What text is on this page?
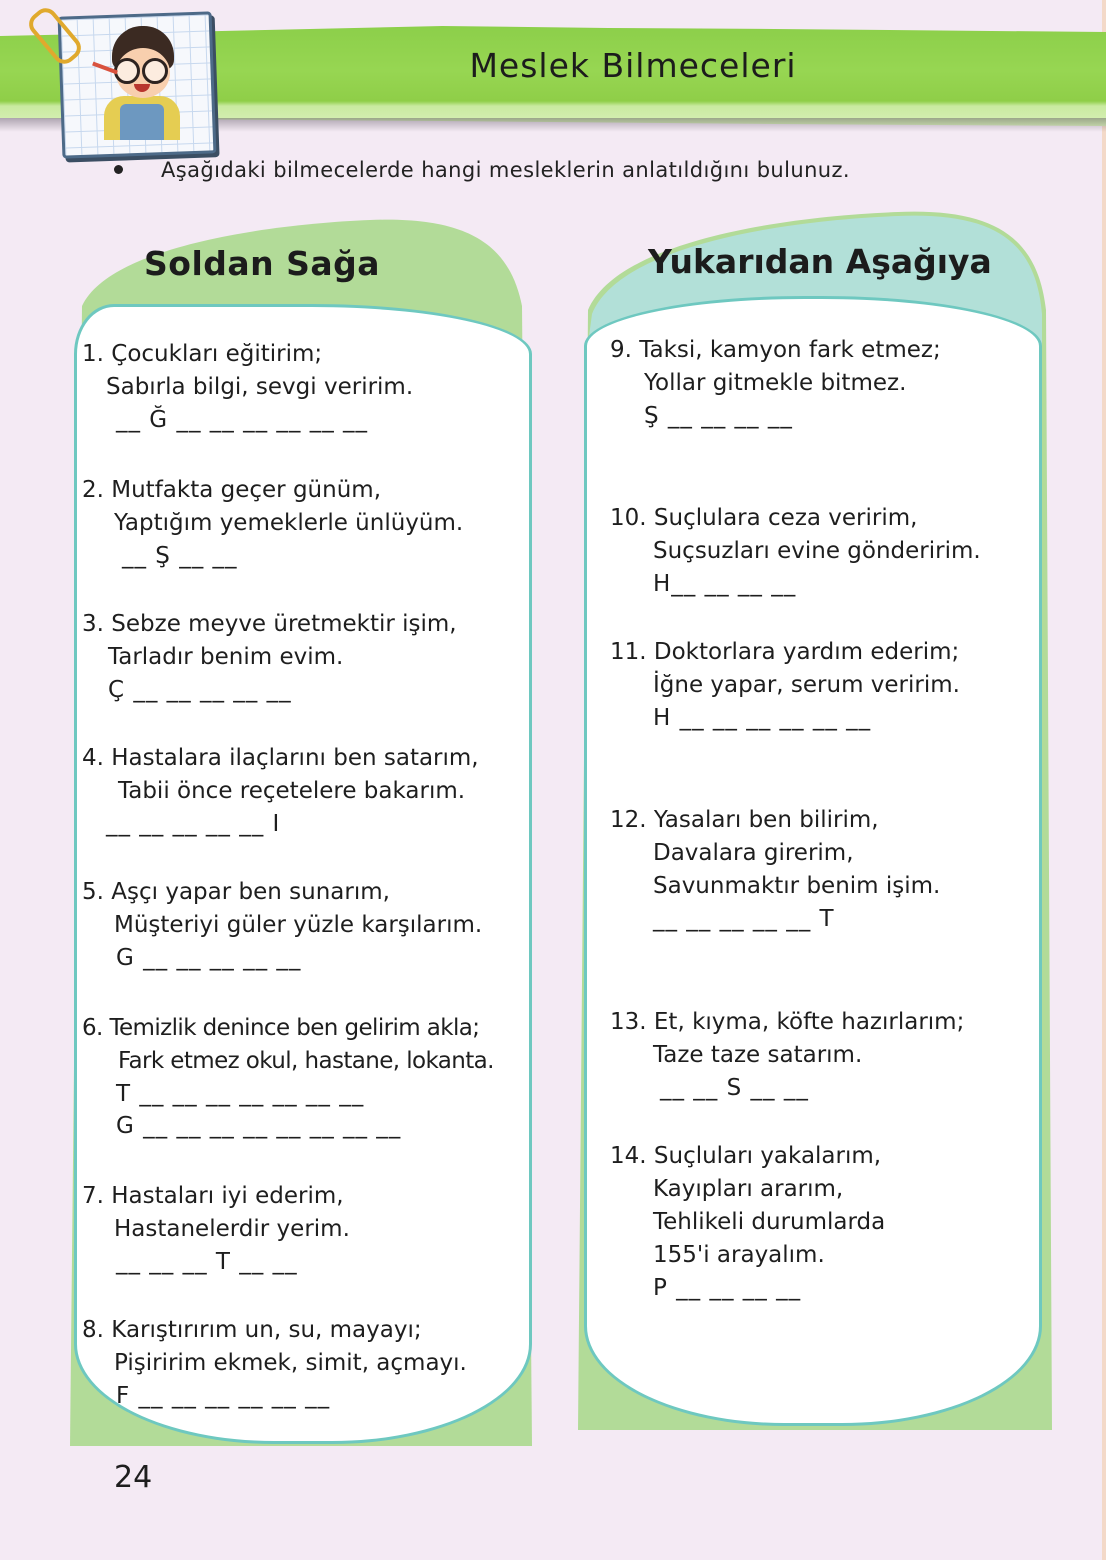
Meslek Bilmeceleri
Aşağıdaki bilmecelerde hangi mesleklerin anlatıldığını bulunuz.
Soldan Sağa	Yukarıdan Aşağıya
1. Çocukları eğitirim;
Sabırla bilgi, sevgi veririm.
__ Ğ __ __ __ __ __ __
2. Mutfakta geçer günüm,
Yaptığım yemeklerle ünlüyüm.
__ Ş __ __
3. Sebze meyve üretmektir işim,
Tarladır benim evim.
Ç __ __ __ __ __
4. Hastalara ilaçlarını ben satarım,
Tabii önce reçetelere bakarım.
__ __ __ __ __ I
5. Aşçı yapar ben sunarım,
Müşteriyi güler yüzle karşılarım.
G __ __ __ __ __
6. Temizlik denince ben gelirim akla;
Fark etmez okul, hastane, lokanta.
T __ __ __ __ __ __ __
G __ __ __ __ __ __ __ __
7. Hastaları iyi ederim,
Hastanelerdir yerim.
__ __ __ T __ __
8. Karıştırırım un, su, mayayı;
Pişiririm ekmek, simit, açmayı.
F __ __ __ __ __ __
9. Taksi, kamyon fark etmez;
Yollar gitmekle bitmez.
Ş __ __ __ __
10. Suçlulara ceza veririm,
Suçsuzları evine gönderirim.
H__ __ __ __
11. Doktorlara yardım ederim;
İğne yapar, serum veririm.
H __ __ __ __ __ __
12. Yasaları ben bilirim,
Davalara girerim,
Savunmaktır benim işim.
__ __ __ __ __ T
13. Et, kıyma, köfte hazırlarım;
Taze taze satarım.
__ __ S __ __
14. Suçluları yakalarım,
Kayıpları ararım,
Tehlikeli durumlarda
155'i arayalım.
P __ __ __ __
24
